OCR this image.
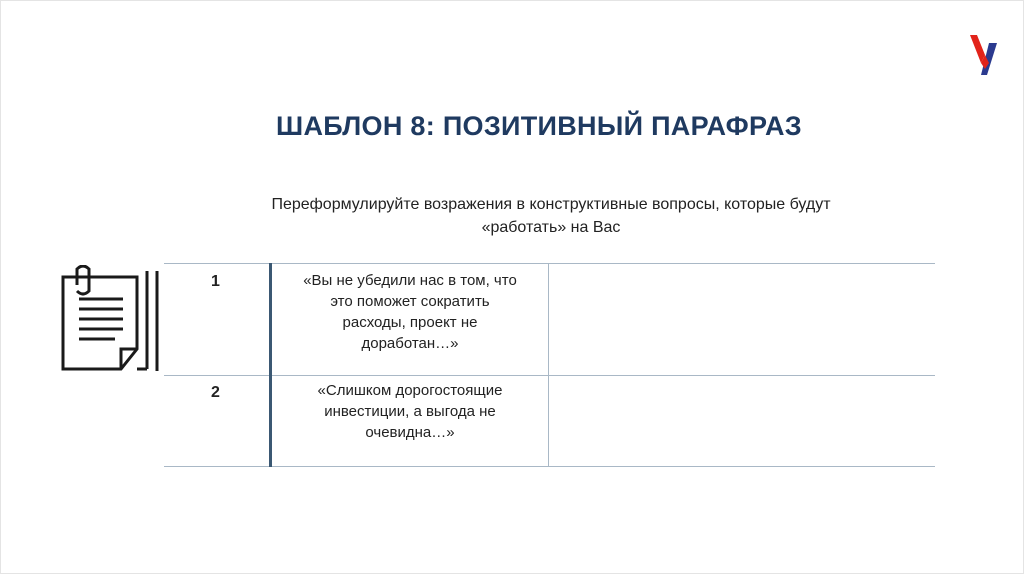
ШАБЛОН 8: ПОЗИТИВНЫЙ ПАРАФРАЗ
Переформулируйте возражения в конструктивные вопросы, которые будут
«работать» на Вас
1	«Вы не убедили нас в том, что
это поможет сократить
расходы, проект не
доработан…»
2	«Слишком дорогостоящие
инвестиции, а выгода не
очевидна…»
